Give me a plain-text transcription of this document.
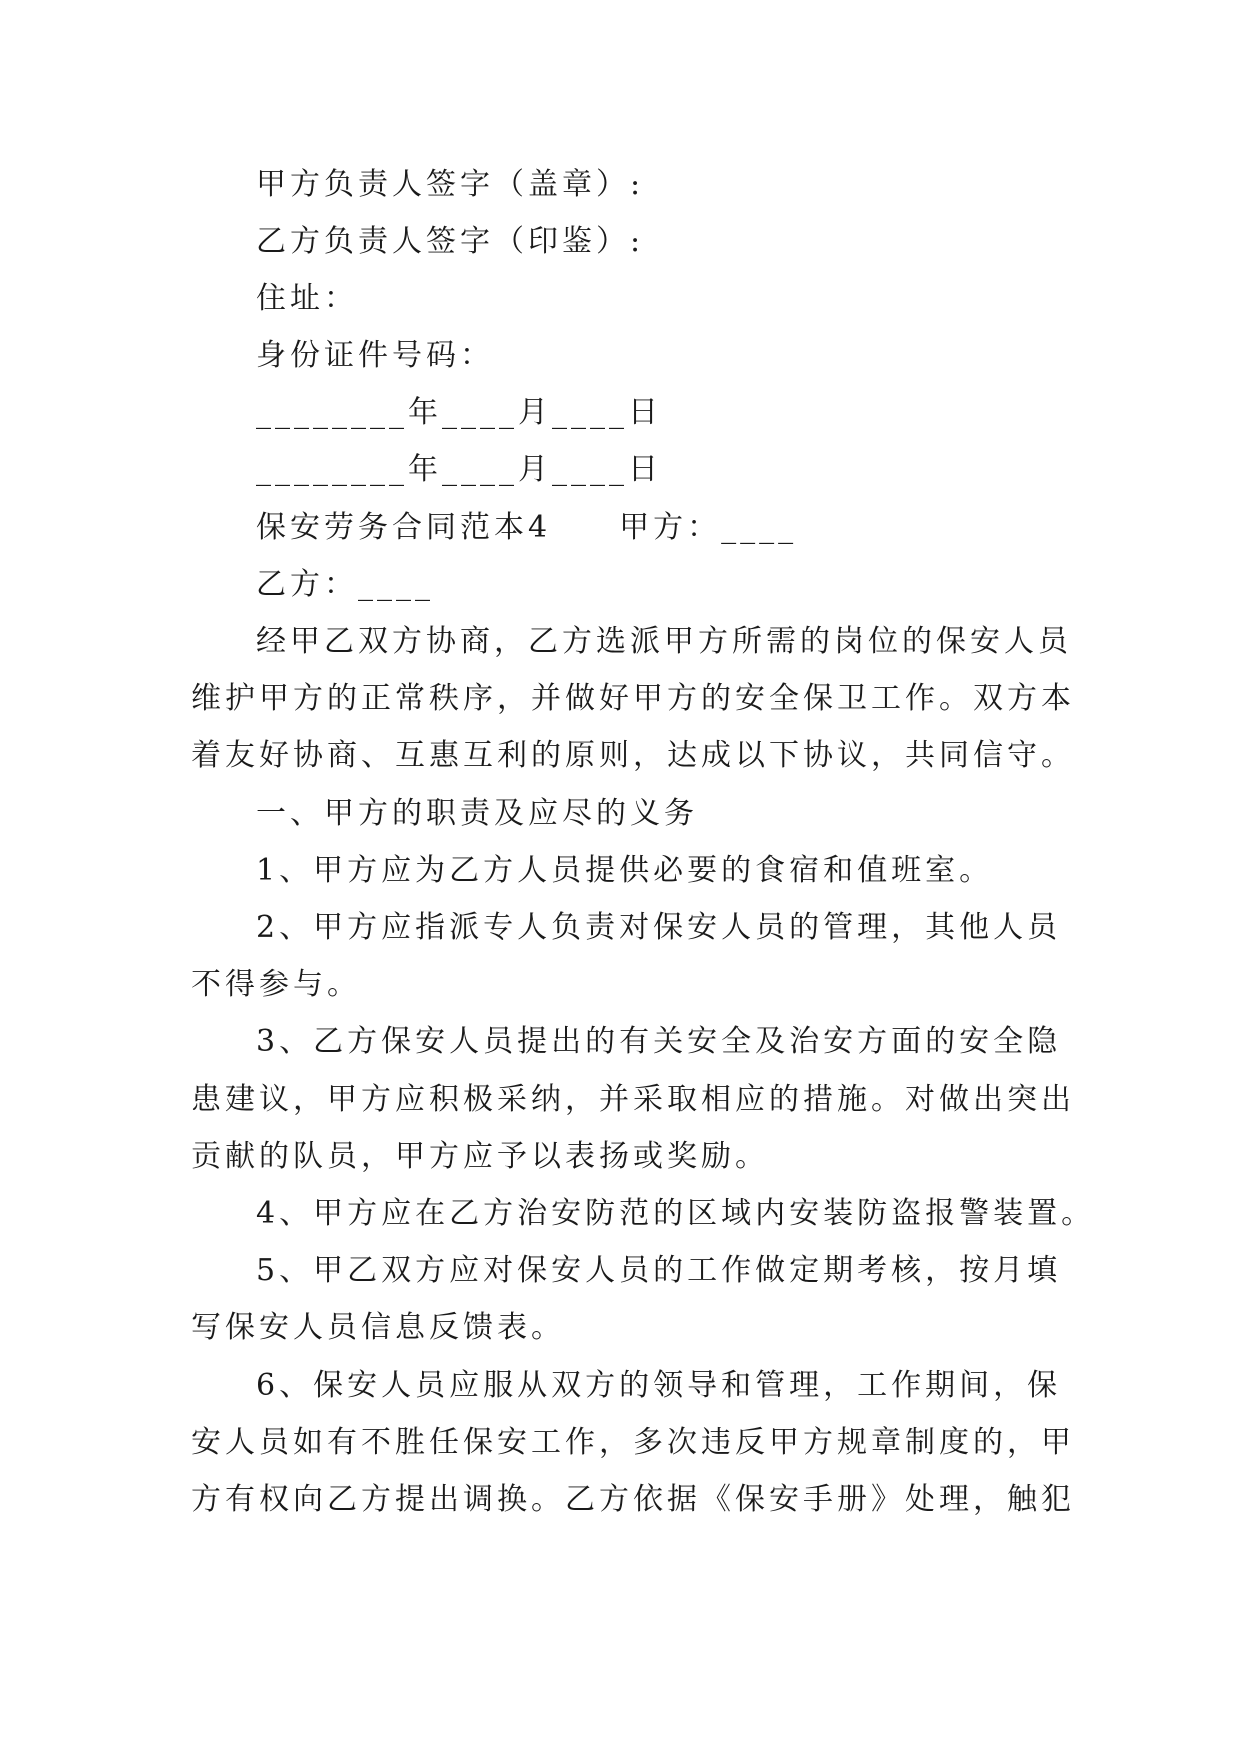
甲方负责人签字（盖章）:
乙方负责人签字（印鉴）:
住址：
身份证件号码：
________年____月____日
________年____月____日
保安劳务合同范本4　　甲方：____
乙方：____
经甲乙双方协商，乙方选派甲方所需的岗位的保安人员
维护甲方的正常秩序，并做好甲方的安全保卫工作。双方本
着友好协商、互惠互利的原则，达成以下协议，共同信守。
一、甲方的职责及应尽的义务
1、甲方应为乙方人员提供必要的食宿和值班室。
2、甲方应指派专人负责对保安人员的管理，其他人员
不得参与。
3、乙方保安人员提出的有关安全及治安方面的安全隐
患建议，甲方应积极采纳，并采取相应的措施。对做出突出
贡献的队员，甲方应予以表扬或奖励。
4、甲方应在乙方治安防范的区域内安装防盗报警装置。
5、甲乙双方应对保安人员的工作做定期考核，按月填
写保安人员信息反馈表。
6、保安人员应服从双方的领导和管理，工作期间，保
安人员如有不胜任保安工作，多次违反甲方规章制度的，甲
方有权向乙方提出调换。乙方依据《保安手册》处理，触犯
